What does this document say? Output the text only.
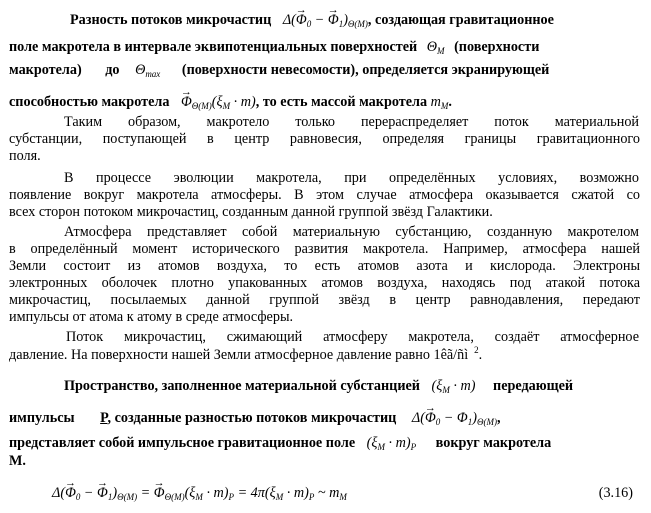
Разность потоков микрочастиц $\Delta(\to \Phi_0$ − → $\Phi_1)_{\Theta(М)}$, создающая гравитационное
поле макротела в интервале эквипотенциальных поверхностей $\Theta_М$ (поверхности
макротела) до $\Theta_{max}$ (поверхности невесомости), определяется экранирующей
способностью макротела → $\Phi_{\Theta(М)}(\xi_М \cdot m)$, то есть массой макротела $m_М$.
Таким образом, макротело только перераспределяет поток материальной
субстанции, поступающей в центр равновесия, определяя границы гравитационного
поля.
В процессе эволюции макротела, при определённых условиях, возможно
появление вокруг макротела атмосферы. В этом случае атмосфера оказывается сжатой со
всех сторон потоком микрочастиц, созданным данной группой звёзд Галактики.
Атмосфера представляет собой материальную субстанцию, созданную макротелом
в определённый момент исторического развития макротела. Например, атмосфера нашей
Земли состоит из атомов воздуха, то есть атомов азота и кислорода. Электроны
электронных оболочек плотно упакованных атомов воздуха, находясь под атакой потока
микрочастиц, посылаемых данной группой звёзд в центр равнодавления, передают
импульсы от атома к атому в среде атмосферы.
Поток микрочастиц, сжимающий атмосферу макротела, создаёт атмосферное
давление. На поверхности нашей Земли атмосферное давление равно 1êã/ñì $^2$.
Пространство, заполненное материальной субстанцией $(\xi_М \cdot m)$ передающей
импульсы P, созданные разностью потоков микрочастиц $\Delta(\to \Phi_0 - \Phi_1)_{\Theta(М)}$,
представляет собой импульсное гравитационное поле $(\xi_М \cdot m)_P$ вокруг макротела
М.
$\Delta(\to \Phi_0$ − → $\Phi_1)_{\Theta(М)}$ = → $\Phi_{\Theta(М)}(\xi_М \cdot m)_P = 4\pi(\xi_М \cdot m)_P$ ~ $m_М$	(3.16)
